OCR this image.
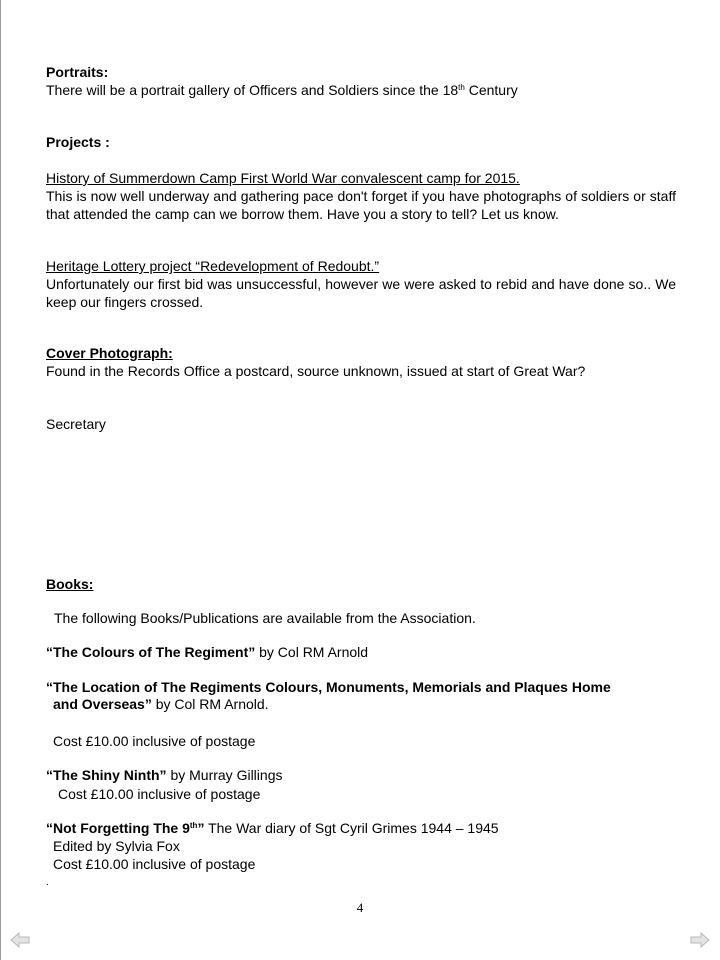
Portraits:
There will be a portrait gallery of Officers and Soldiers since the 18th Century
Projects :
History of Summerdown Camp First World War convalescent camp for 2015.
This is now well underway and gathering pace don't forget if you have photographs of soldiers or staff that attended the camp can we borrow them. Have you a story to tell? Let us know.
Heritage Lottery project “Redevelopment of Redoubt.”
Unfortunately our first bid was unsuccessful, however we were asked to rebid and have done so.. We keep our fingers crossed.
Cover Photograph:
Found in the Records Office a postcard, source unknown, issued at start of Great War?
Secretary
Books:
The following Books/Publications are available from the Association.
“The Colours of The Regiment” by Col RM Arnold
“The Location of The Regiments Colours, Monuments, Memorials and Plaques Home
and Overseas” by Col RM Arnold.
Cost £10.00 inclusive of postage
“The Shiny Ninth” by Murray Gillings
Cost £10.00 inclusive of postage
“Not Forgetting The 9th” The War diary of Sgt Cyril Grimes 1944 – 1945
Edited by Sylvia Fox
Cost £10.00 inclusive of postage
.
4
